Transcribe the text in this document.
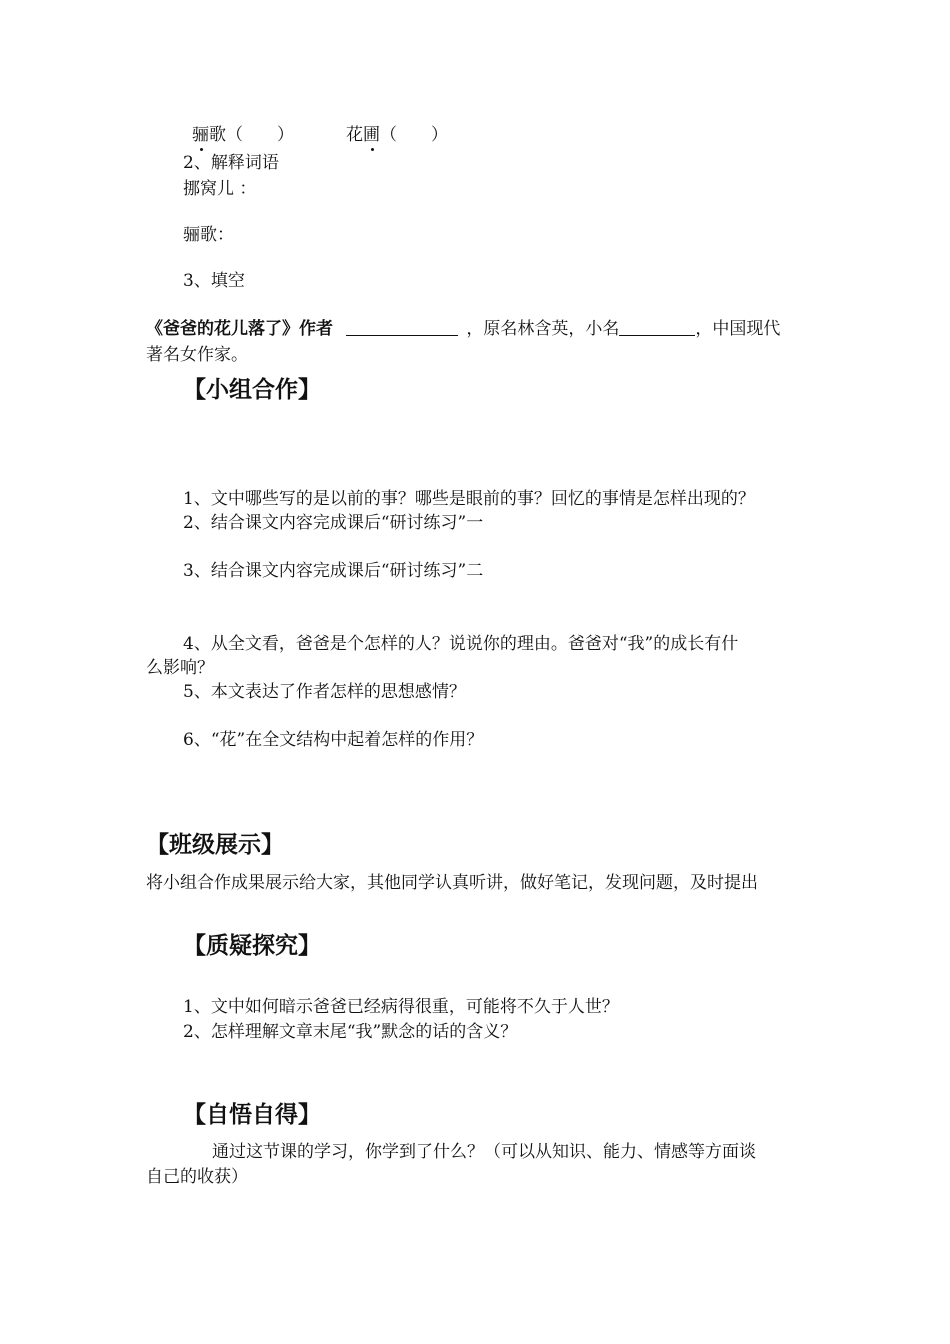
骊歌（　　）	花圃（　　）
2、解释词语
挪窝儿 ：
骊歌：
3、填空
《爸爸的花儿落了》作者	，原名林含英，小名	，中国现代
著名女作家。
【小组合作】
1、文中哪些写的是以前的事？哪些是眼前的事？回忆的事情是怎样出现的？
2、结合课文内容完成课后“研讨练习”一
3、结合课文内容完成课后“研讨练习”二
4、从全文看，爸爸是个怎样的人？说说你的理由。爸爸对“我”的成长有什
么影响？
5、本文表达了作者怎样的思想感情？
6、“花”在全文结构中起着怎样的作用？
【班级展示】
将小组合作成果展示给大家，其他同学认真听讲，做好笔记，发现问题，及时提出
【质疑探究】
1、文中如何暗示爸爸已经病得很重，可能将不久于人世？
2、怎样理解文章末尾“我”默念的话的含义？
【自悟自得】
通过这节课的学习，你学到了什么？（可以从知识、能力、情感等方面谈
自己的收获）
